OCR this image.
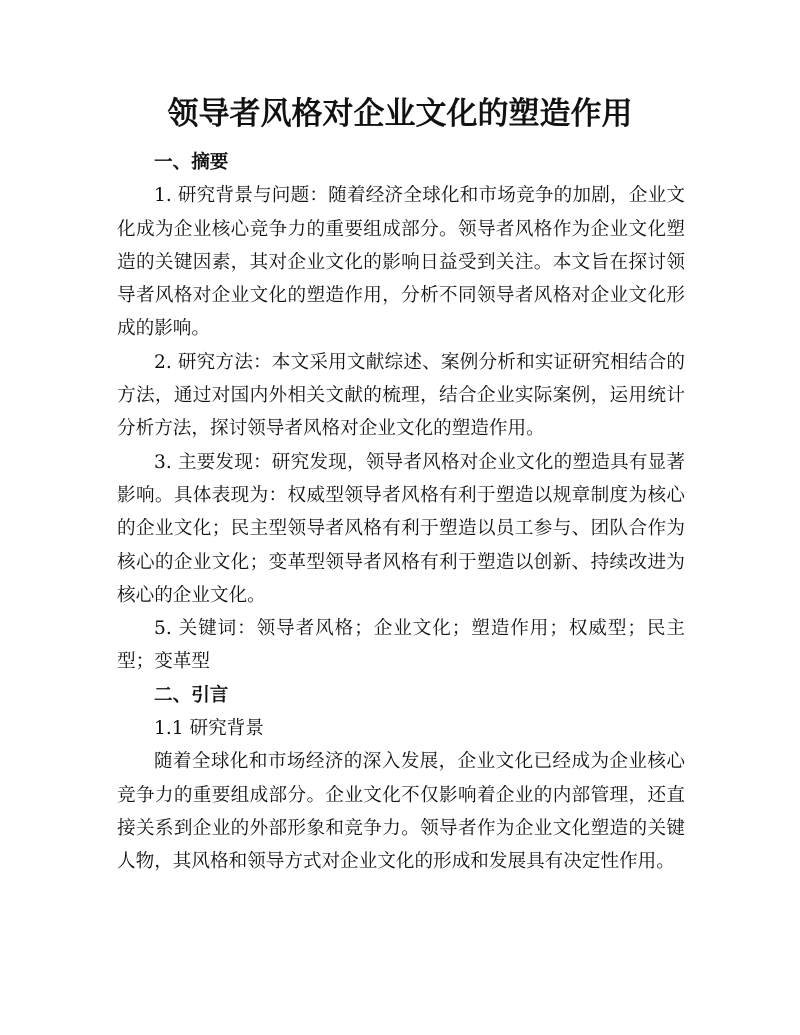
领导者风格对企业文化的塑造作用

一、摘要

1. 研究背景与问题：随着经济全球化和市场竞争的加剧，企业文化成为企业核心竞争力的重要组成部分。领导者风格作为企业文化塑造的关键因素，其对企业文化的影响日益受到关注。本文旨在探讨领导者风格对企业文化的塑造作用，分析不同领导者风格对企业文化形成的影响。

2. 研究方法：本文采用文献综述、案例分析和实证研究相结合的方法，通过对国内外相关文献的梳理，结合企业实际案例，运用统计分析方法，探讨领导者风格对企业文化的塑造作用。

3. 主要发现：研究发现，领导者风格对企业文化的塑造具有显著影响。具体表现为：权威型领导者风格有利于塑造以规章制度为核心的企业文化；民主型领导者风格有利于塑造以员工参与、团队合作为核心的企业文化；变革型领导者风格有利于塑造以创新、持续改进为核心的企业文化。

5. 关键词：领导者风格；企业文化；塑造作用；权威型；民主型；变革型

二、引言

1.1 研究背景

随着全球化和市场经济的深入发展，企业文化已经成为企业核心竞争力的重要组成部分。企业文化不仅影响着企业的内部管理，还直接关系到企业的外部形象和竞争力。领导者作为企业文化塑造的关键人物，其风格和领导方式对企业文化的形成和发展具有决定性作用。
